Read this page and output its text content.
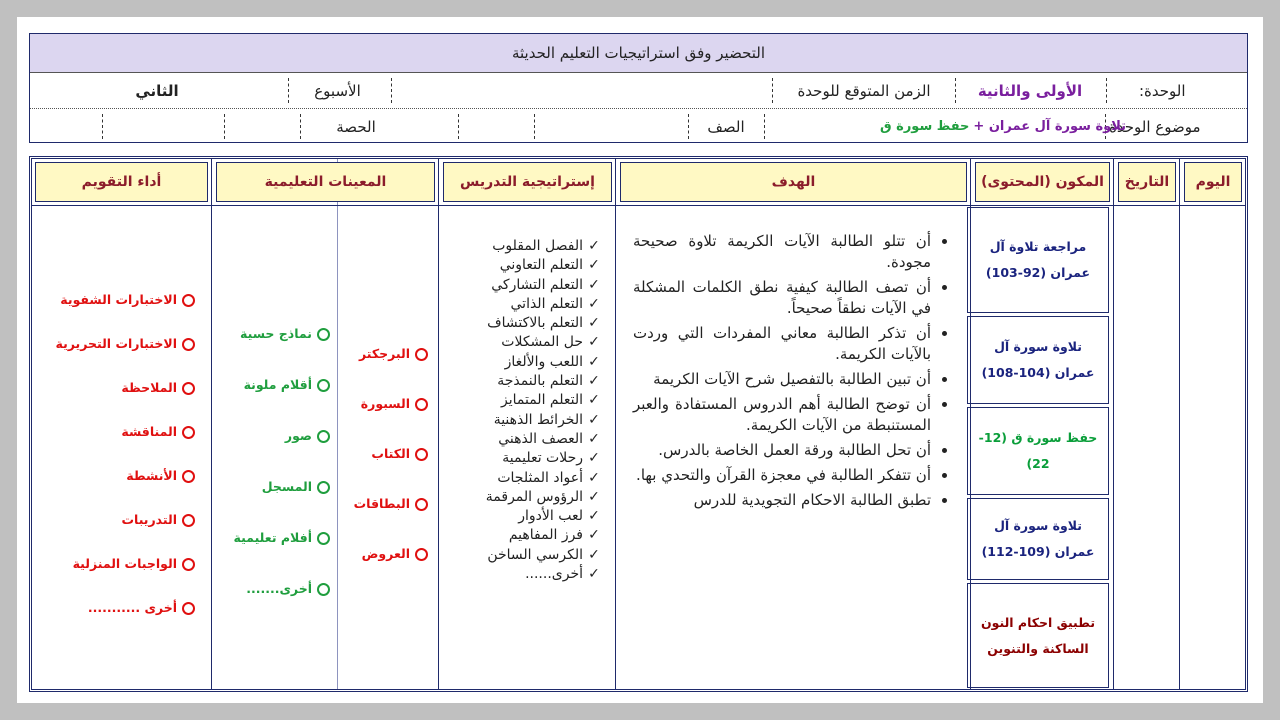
التحضير وفق استراتيجيات التعليم الحديثة
الوحدة:
الأولى والثانية
الزمن المتوقع للوحدة
الأسبوع
الثاني
موضوع الوحدة
تلاوة سورة آل عمران +
حفظ سورة ق
الصف
الحصة
اليوم
التاريخ
المكون (المحتوى)
الهدف
إستراتيجية التدريس
المعينات التعليمية
أداء التقويم
مراجعة تلاوة آل عمران (92-103)
تلاوة سورة آل عمران (104-108)
حفظ سورة ق (12-22)
تلاوة سورة آل عمران (109-112)
تطبيق احكام النون الساكنة والتنوين
• أن تتلو الطالبة الآيات الكريمة تلاوة صحيحة مجودة.
• أن تصف الطالبة كيفية نطق الكلمات المشكلة في الآيات نطقاً صحيحاً.
• أن تذكر الطالبة معاني المفردات التي وردت بالآيات الكريمة.
• أن تبين الطالبة بالتفصيل شرح الآيات الكريمة
• أن توضح الطالبة أهم الدروس المستفادة والعبر المستنبطة من الآيات الكريمة.
• أن تحل الطالبة ورقة العمل الخاصة بالدرس.
• أن تتفكر الطالبة في معجزة القرآن والتحدي بها.
• تطبق الطالبة الاحكام التجويدية للدرس
✓الفصل المقلوب
✓التعلم التعاوني
✓التعلم التشاركي
✓التعلم الذاتي
✓التعلم بالاكتشاف
✓حل المشكلات
✓اللعب والألغاز
✓التعلم بالنمذجة
✓التعلم المتمايز
✓الخرائط الذهنية
✓العصف الذهني
✓رحلات تعليمية
✓أعواد المثلجات
✓الرؤوس المرقمة
✓لعب الأدوار
✓فرز المفاهيم
✓الكرسي الساخن
✓أخرى......
البرجكتر
السبورة
الكتاب
البطاقات
العروض
نماذج حسية
أقلام ملونة
صور
المسجل
أفلام تعليمية
أخرى.......
الاختبارات الشفوية
الاختبارات التحريرية
الملاحظة
المناقشة
الأنشطة
التدريبات
الواجبات المنزلية
أخرى ...........
